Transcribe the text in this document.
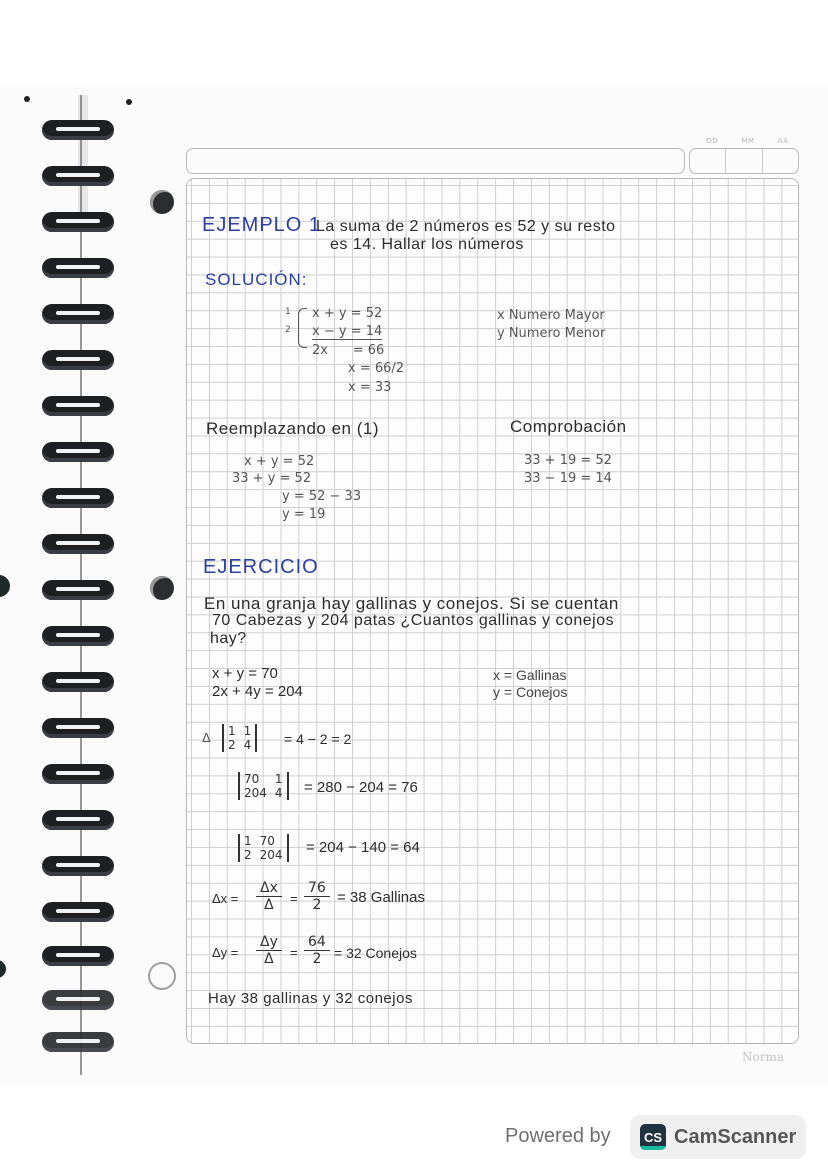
DD	MM	AA
Norma
EJEMPLO 1
La suma de 2 números es 52 y su resto
es 14. Hallar los números
SOLUCIÓN:
1 x + y = 52
2 x − y = 14
2x      = 66
x = 66/2
x = 33
x Numero Mayor
y Numero Menor
Reemplazando en (1)	Comprobación
x + y = 52
33 + y = 52
y = 52 − 33
y = 19
33 + 19 = 52
33 − 19 = 14
EJERCICIO
En una granja hay gallinas y conejos. Si se cuentan
70 Cabezas y 204 patas ¿Cuantos gallinas y conejos
hay?
x + y = 70
2x + 4y = 204
x = Gallinas
y = Conejos
Δ 1 1
2 4 = 4 − 2 = 2
70	1
204 4 = 280 − 204 = 76
1 70
2 204 = 204 − 140 = 64
$\Delta x = \frac{\Delta x}{\Delta} = \frac{76}{2} = 38$ Gallinas
$\Delta y = \frac{\Delta y}{\Delta} = \frac{64}{2} = 32$ Conejos
Hay 38 gallinas y 32 conejos
Powered by	CS CamScanner
